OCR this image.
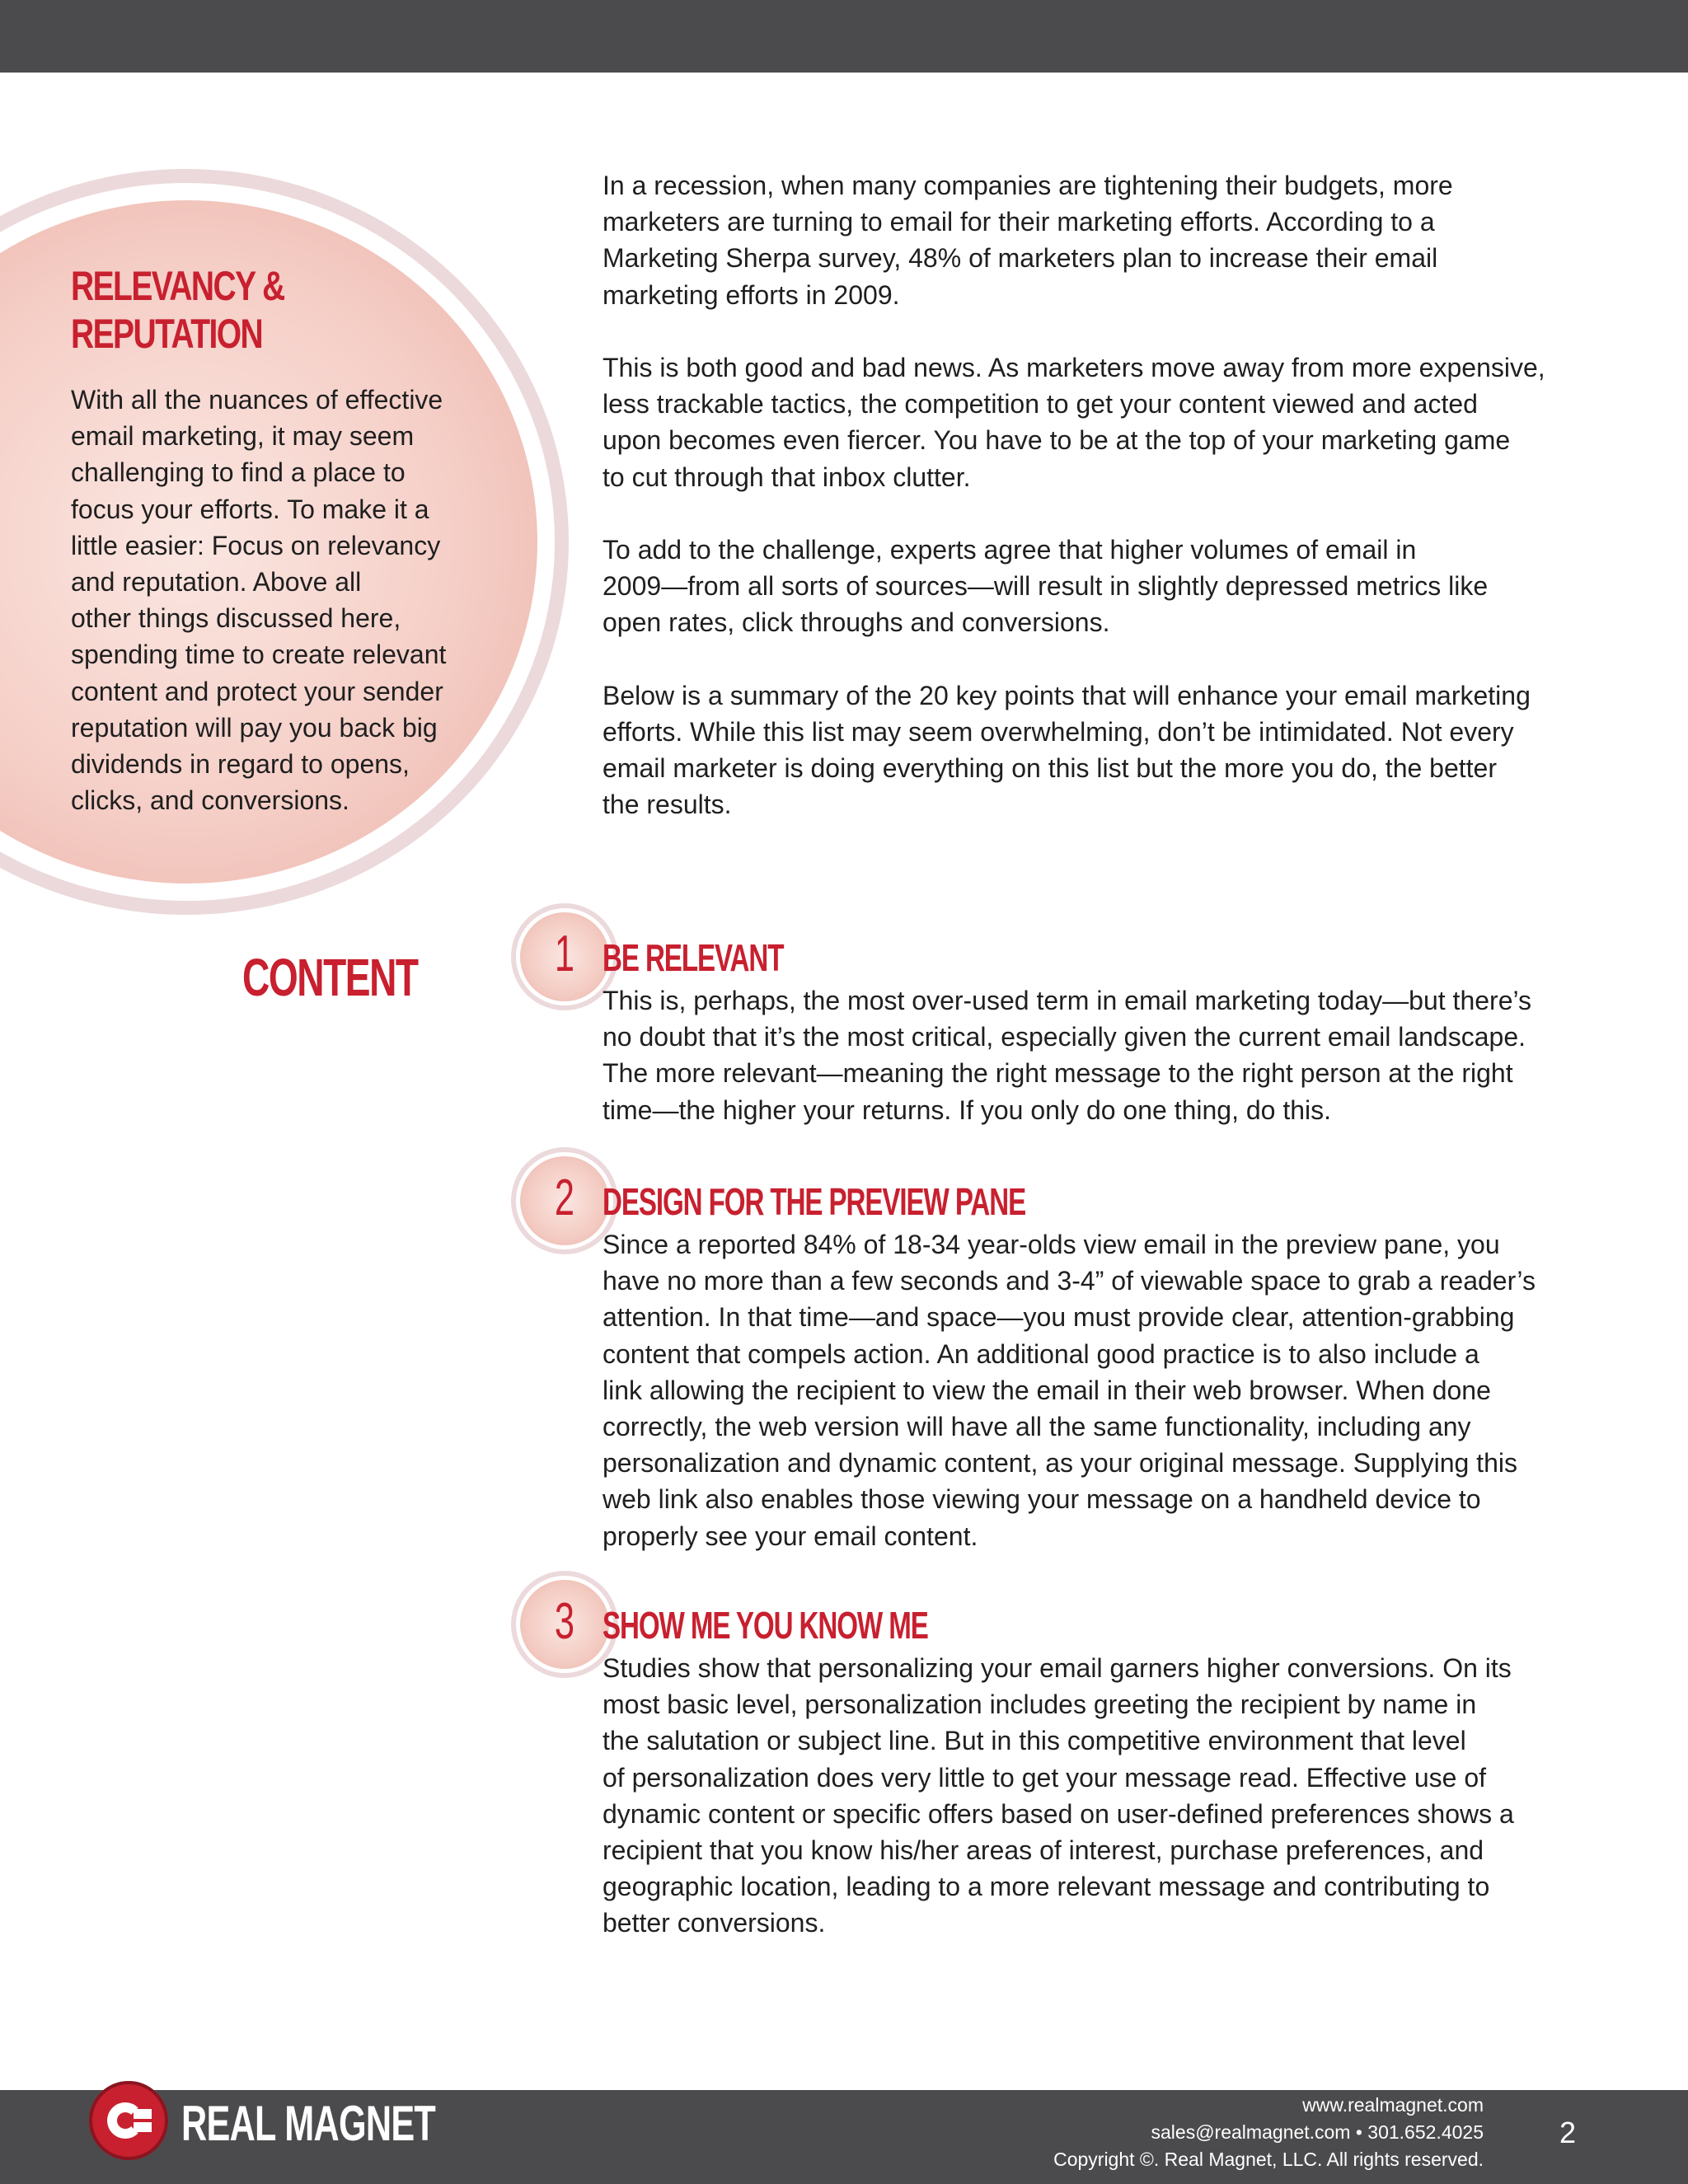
RELEVANCY &
REPUTATION
With all the nuances of effective
email marketing, it may seem
challenging to find a place to
focus your efforts. To make it a
little easier: Focus on relevancy
and reputation. Above all
other things discussed here,
spending time to create relevant
content and protect your sender
reputation will pay you back big
dividends in regard to opens,
clicks, and conversions.

In a recession, when many companies are tightening their budgets, more
marketers are turning to email for their marketing efforts. According to a
Marketing Sherpa survey, 48% of marketers plan to increase their email
marketing efforts in 2009.

This is both good and bad news. As marketers move away from more expensive,
less trackable tactics, the competition to get your content viewed and acted
upon becomes even fiercer. You have to be at the top of your marketing game
to cut through that inbox clutter.

To add to the challenge, experts agree that higher volumes of email in
2009—from all sorts of sources—will result in slightly depressed metrics like
open rates, click throughs and conversions.

Below is a summary of the 20 key points that will enhance your email marketing
efforts. While this list may seem overwhelming, don’t be intimidated. Not every
email marketer is doing everything on this list but the more you do, the better
the results.

CONTENT	1 BE RELEVANT
This is, perhaps, the most over-used term in email marketing today—but there’s
no doubt that it’s the most critical, especially given the current email landscape.
The more relevant—meaning the right message to the right person at the right
time—the higher your returns. If you only do one thing, do this.
2 DESIGN FOR THE PREVIEW PANE
Since a reported 84% of 18-34 year-olds view email in the preview pane, you
have no more than a few seconds and 3-4” of viewable space to grab a reader’s
attention. In that time—and space—you must provide clear, attention-grabbing
content that compels action. An additional good practice is to also include a
link allowing the recipient to view the email in their web browser. When done
correctly, the web version will have all the same functionality, including any
personalization and dynamic content, as your original message. Supplying this
web link also enables those viewing your message on a handheld device to
properly see your email content.
3 SHOW ME YOU KNOW ME
Studies show that personalizing your email garners higher conversions. On its
most basic level, personalization includes greeting the recipient by name in
the salutation or subject line. But in this competitive environment that level
of personalization does very little to get your message read. Effective use of
dynamic content or specific offers based on user-defined preferences shows a
recipient that you know his/her areas of interest, purchase preferences, and
geographic location, leading to a more relevant message and contributing to
better conversions.
REAL MAGNET	www.realmagnet.com
sales@realmagnet.com • 301.652.4025
Copyright ©. Real Magnet, LLC. All rights reserved.
2
